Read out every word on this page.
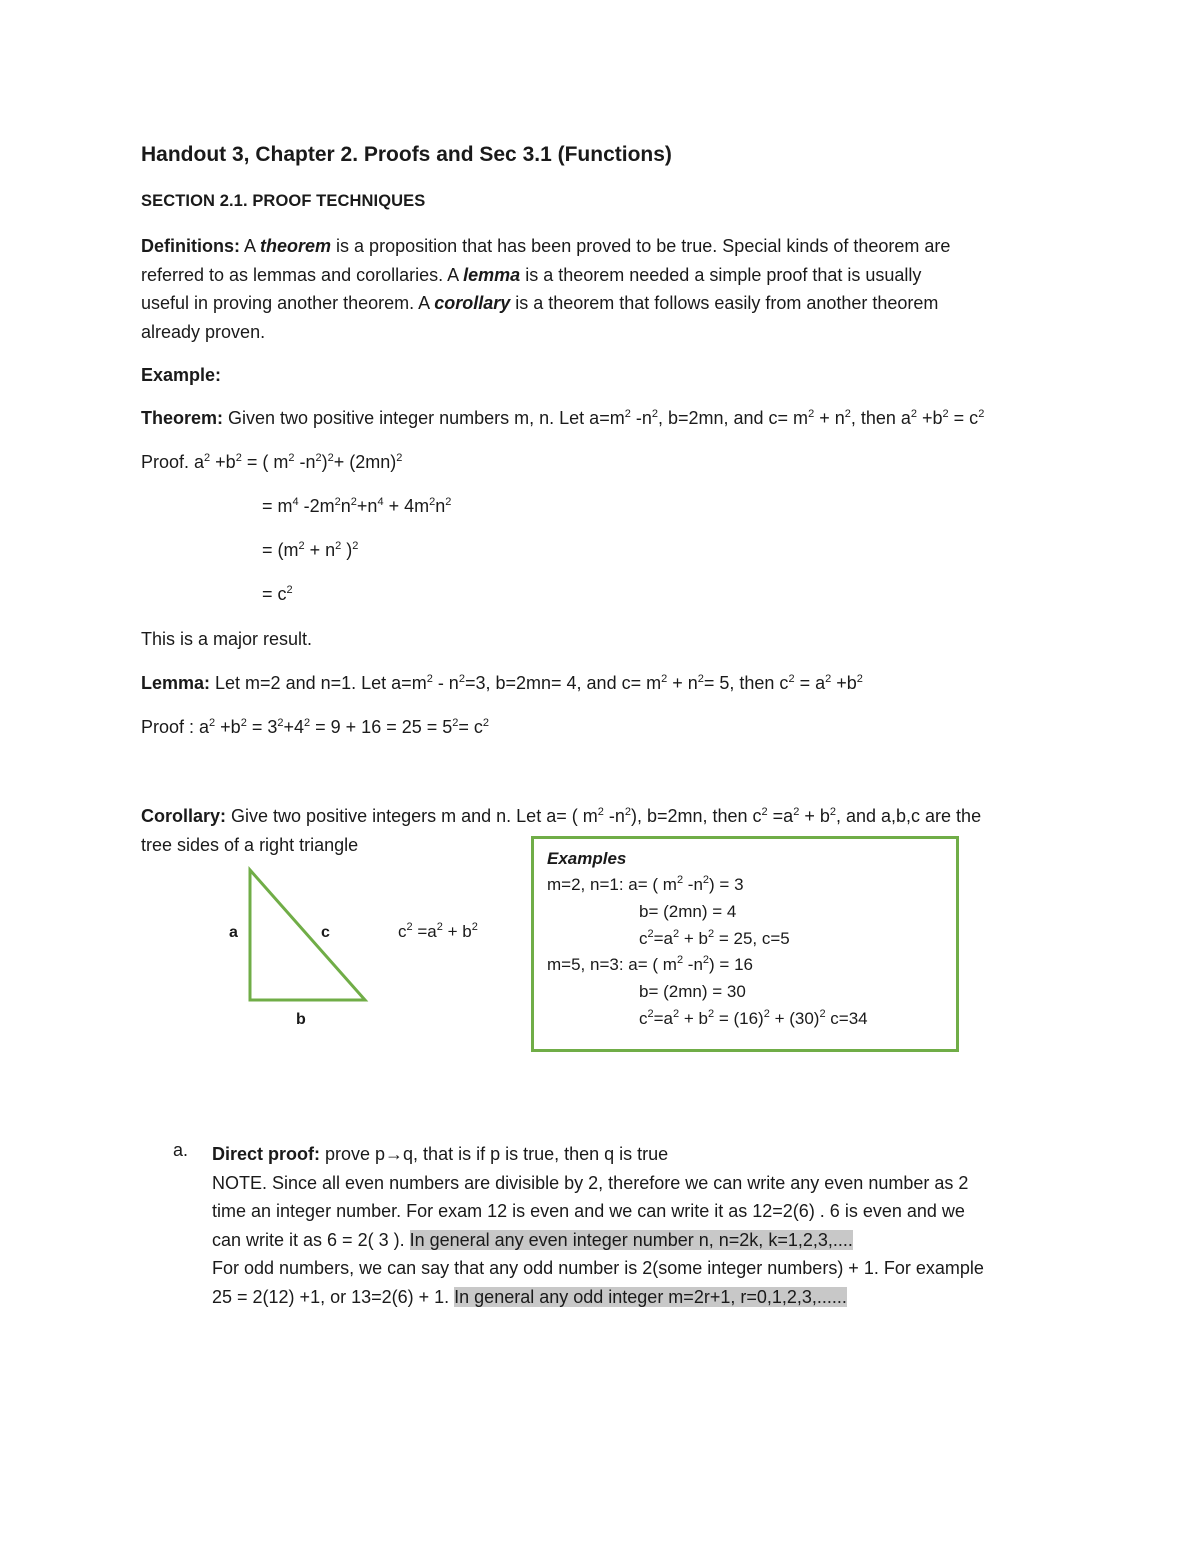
Handout 3, Chapter 2. Proofs and Sec 3.1 (Functions)
SECTION 2.1. PROOF TECHNIQUES
Definitions: A theorem is a proposition that has been proved to be true. Special kinds of theorem are
referred to as lemmas and corollaries. A lemma is a theorem needed a simple proof that is usually
useful in proving another theorem. A corollary is a theorem that follows easily from another theorem
already proven.
Example:
Theorem: Given two positive integer numbers m, n. Let $a=m^2$ $-n^2$, b=2mn, and $c= m^2 + n^2$, then $a^2 +b^2 = c^2$
Proof. $a^2 +b^2$ = ( $m^2$ $-n^2)^2+ (2mn)^2$
= $m^4$ $-2m^2n^2+n^4 + 4m^2n^2$
= ($m^2 + n^2$ )$^2$
= $c^2$
This is a major result.
Lemma: Let m=2 and n=1. Let $a=m^2 - n^2=3$, b=2mn= 4, and $c= m^2 + n^2= 5$, then $c^2 = a^2 +b^2$
Proof : $a^2 +b^2 = 3^2+4^2 = 9 + 16 = 25 = 5^2= c^2$
Corollary: Give two positive integers m and n. Let a= ( $m^2$ $-n^2$), b=2mn, then $c^2 =a^2 + b^2$, and a,b,c are the
tree sides of a right triangle
a	c
b
$c^2 =a^2 + b^2$
Examples
m=2, n=1: a= ( $m^2$ $-n^2) = 3$
b= (2mn) = 4
$c^2=a^2 + b^2 = 25$, c=5
m=5, n=3: a= ( $m^2$ $-n^2) = 16$
b= (2mn) = 30
$c^2=a^2 + b^2 = (16)^2 + (30)^2$ c=34
a. Direct proof: prove p→q, that is if p is true, then q is true
NOTE. Since all even numbers are divisible by 2, therefore we can write any even number as 2
time an integer number. For exam 12 is even and we can write it as 12=2(6) . 6 is even and we
can write it as 6 = 2( 3 ). In general any even integer number n, n=2k, k=1,2,3,....
For odd numbers, we can say that any odd number is 2(some integer numbers) + 1. For example
25 = 2(12) +1, or 13=2(6) + 1. In general any odd integer m=2r+1, r=0,1,2,3,......
